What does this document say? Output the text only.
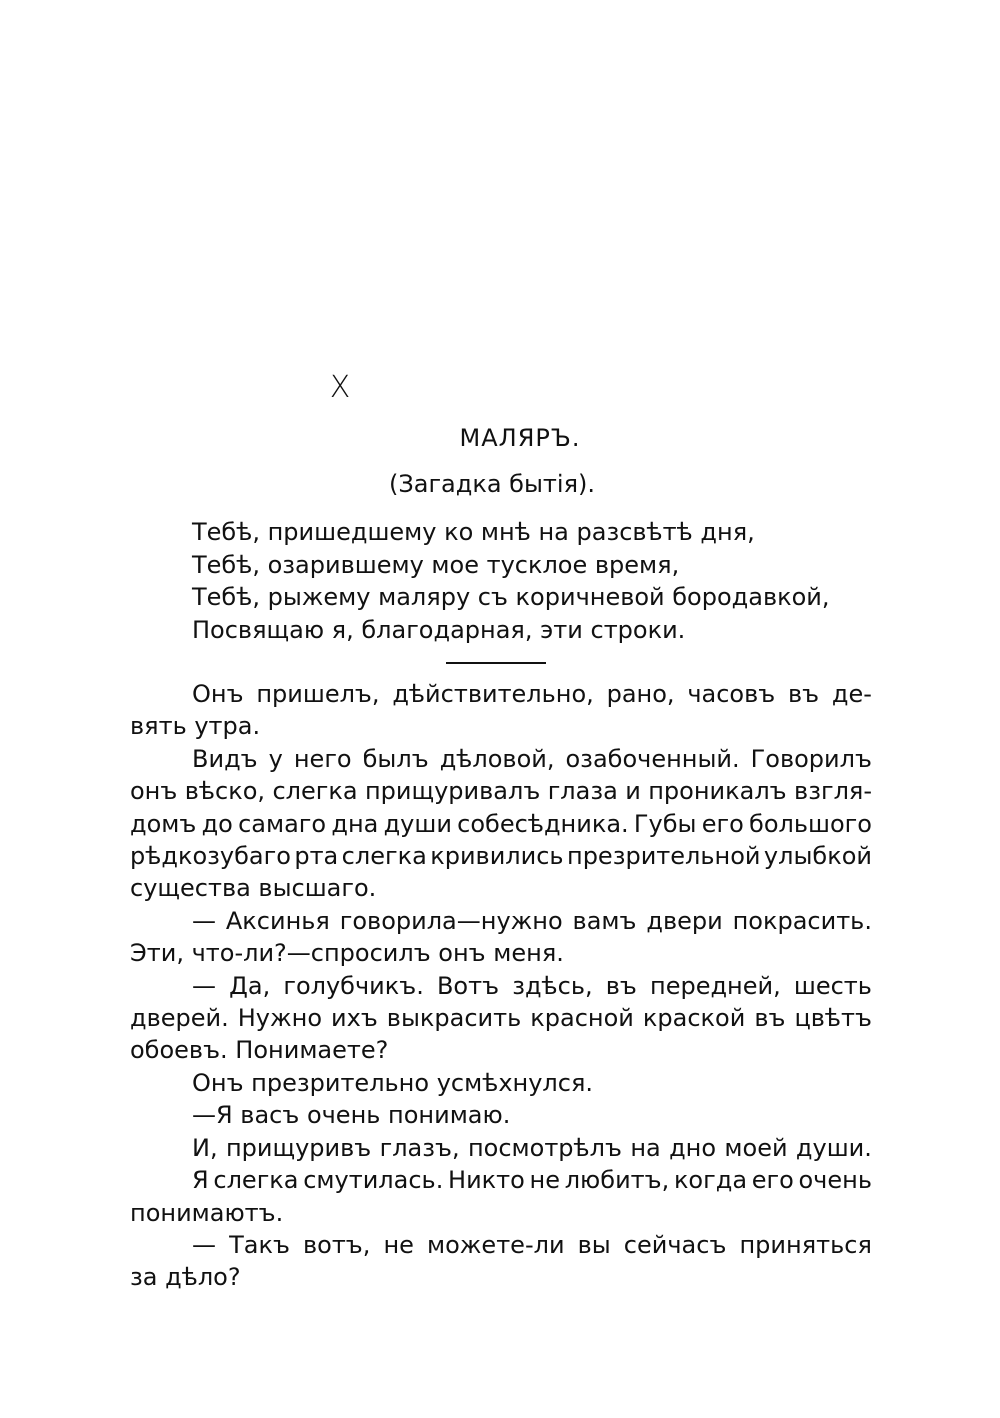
X
МАЛЯРЪ.
(Загадка бытія).
Тебѣ, пришедшему ко мнѣ на разсвѣтѣ дня,
Тебѣ, озарившему мое тусклое время,
Тебѣ, рыжему маляру съ коричневой бородавкой,
Посвящаю я, благодарная, эти строки.
Онъ пришелъ, дѣйствительно, рано, часовъ въ де-
вять утра.
Видъ у него былъ дѣловой, озабоченный. Говорилъ
онъ вѣско, слегка прищуривалъ глаза и проникалъ взгля-
домъ до самаго дна души собесѣдника. Губы его большого
рѣдкозубаго рта слегка кривились презрительной улыбкой
существа высшаго.
— Аксинья говорила—нужно вамъ двери покрасить.
Эти, что-ли?—спросилъ онъ меня.
— Да, голубчикъ. Вотъ здѣсь, въ передней, шесть
дверей. Нужно ихъ выкрасить красной краской въ цвѣтъ
обоевъ. Понимаете?
Онъ презрительно усмѣхнулся.
—Я васъ очень понимаю.
И, прищуривъ глазъ, посмотрѣлъ на дно моей души.
Я слегка смутилась. Никто не любитъ, когда его очень
понимаютъ.
— Такъ вотъ, не можете-ли вы сейчасъ приняться
за дѣло?
